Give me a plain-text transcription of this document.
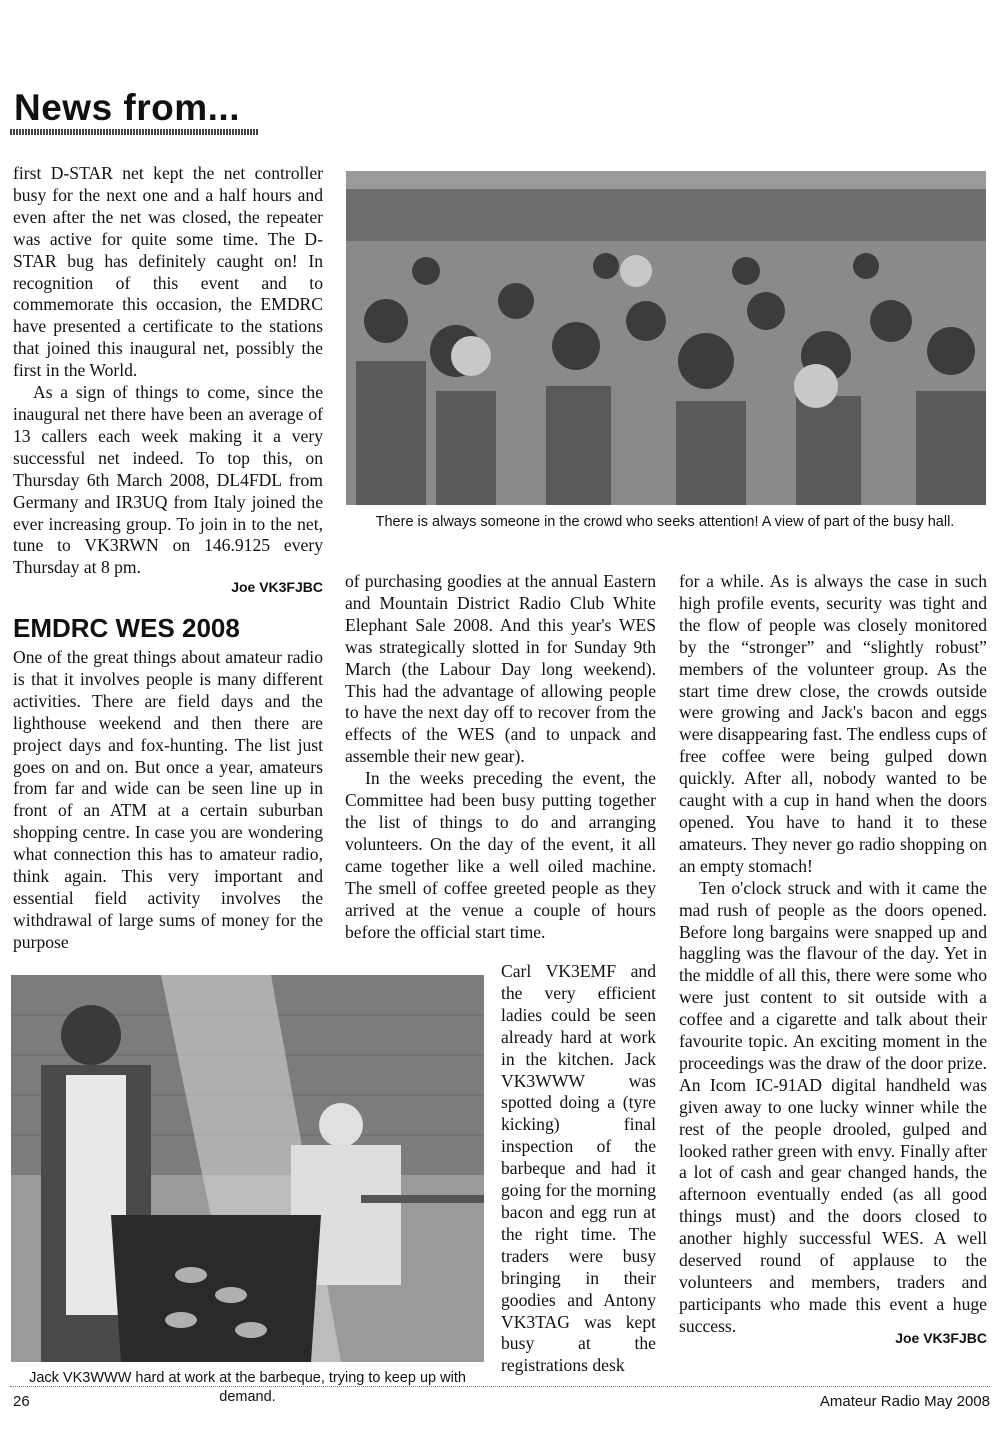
News from...

first D-STAR net kept the net controller busy for the next one and a half hours and even after the net was closed, the repeater was active for quite some time. The D-STAR bug has definitely caught on! In recognition of this event and to commemorate this occasion, the EMDRC have presented a certificate to the stations that joined this inaugural net, possibly the first in the World.

As a sign of things to come, since the inaugural net there have been an average of 13 callers each week making it a very successful net indeed. To top this, on Thursday 6th March 2008, DL4FDL from Germany and IR3UQ from Italy joined the ever increasing group. To join in to the net, tune to VK3RWN on 146.9125 every Thursday at 8 pm.

Joe VK3FJBC
There is always someone in the crowd who seeks attention! A view of part of the busy hall.
EMDRC WES 2008

One of the great things about amateur radio is that it involves people is many different activities. There are field days and the lighthouse weekend and then there are project days and fox-hunting. The list just goes on and on. But once a year, amateurs from far and wide can be seen line up in front of an ATM at a certain suburban shopping centre. In case you are wondering what connection this has to amateur radio, think again. This very important and essential field activity involves the withdrawal of large sums of money for the purpose

of purchasing goodies at the annual Eastern and Mountain District Radio Club White Elephant Sale 2008. And this year's WES was strategically slotted in for Sunday 9th March (the Labour Day long weekend). This had the advantage of allowing people to have the next day off to recover from the effects of the WES (and to unpack and assemble their new gear).

In the weeks preceding the event, the Committee had been busy putting together the list of things to do and arranging volunteers. On the day of the event, it all came together like a well oiled machine. The smell of coffee greeted people as they arrived at the venue a couple of hours before the official start time.

Carl VK3EMF and the very efficient ladies could be seen already hard at work in the kitchen. Jack VK3WWW was spotted doing a (tyre kicking) final inspection of the barbeque and had it going for the morning bacon and egg run at the right time. The traders were busy bringing in their goodies and Antony VK3TAG was kept busy at the registrations desk

for a while. As is always the case in such high profile events, security was tight and the flow of people was closely monitored by the “stronger” and “slightly robust” members of the volunteer group. As the start time drew close, the crowds outside were growing and Jack's bacon and eggs were disappearing fast. The endless cups of free coffee were being gulped down quickly. After all, nobody wanted to be caught with a cup in hand when the doors opened. You have to hand it to these amateurs. They never go radio shopping on an empty stomach!

Ten o'clock struck and with it came the mad rush of people as the doors opened. Before long bargains were snapped up and haggling was the flavour of the day. Yet in the middle of all this, there were some who were just content to sit outside with a coffee and a cigarette and talk about their favourite topic. An exciting moment in the proceedings was the draw of the door prize. An Icom IC-91AD digital handheld was given away to one lucky winner while the rest of the people drooled, gulped and looked rather green with envy. Finally after a lot of cash and gear changed hands, the afternoon eventually ended (as all good things must) and the doors closed to another highly successful WES. A well deserved round of applause to the volunteers and members, traders and participants who made this event a huge success.

Joe VK3FJBC
Jack VK3WWW hard at work at the barbeque, trying to keep up with demand.
26	Amateur Radio May 2008
